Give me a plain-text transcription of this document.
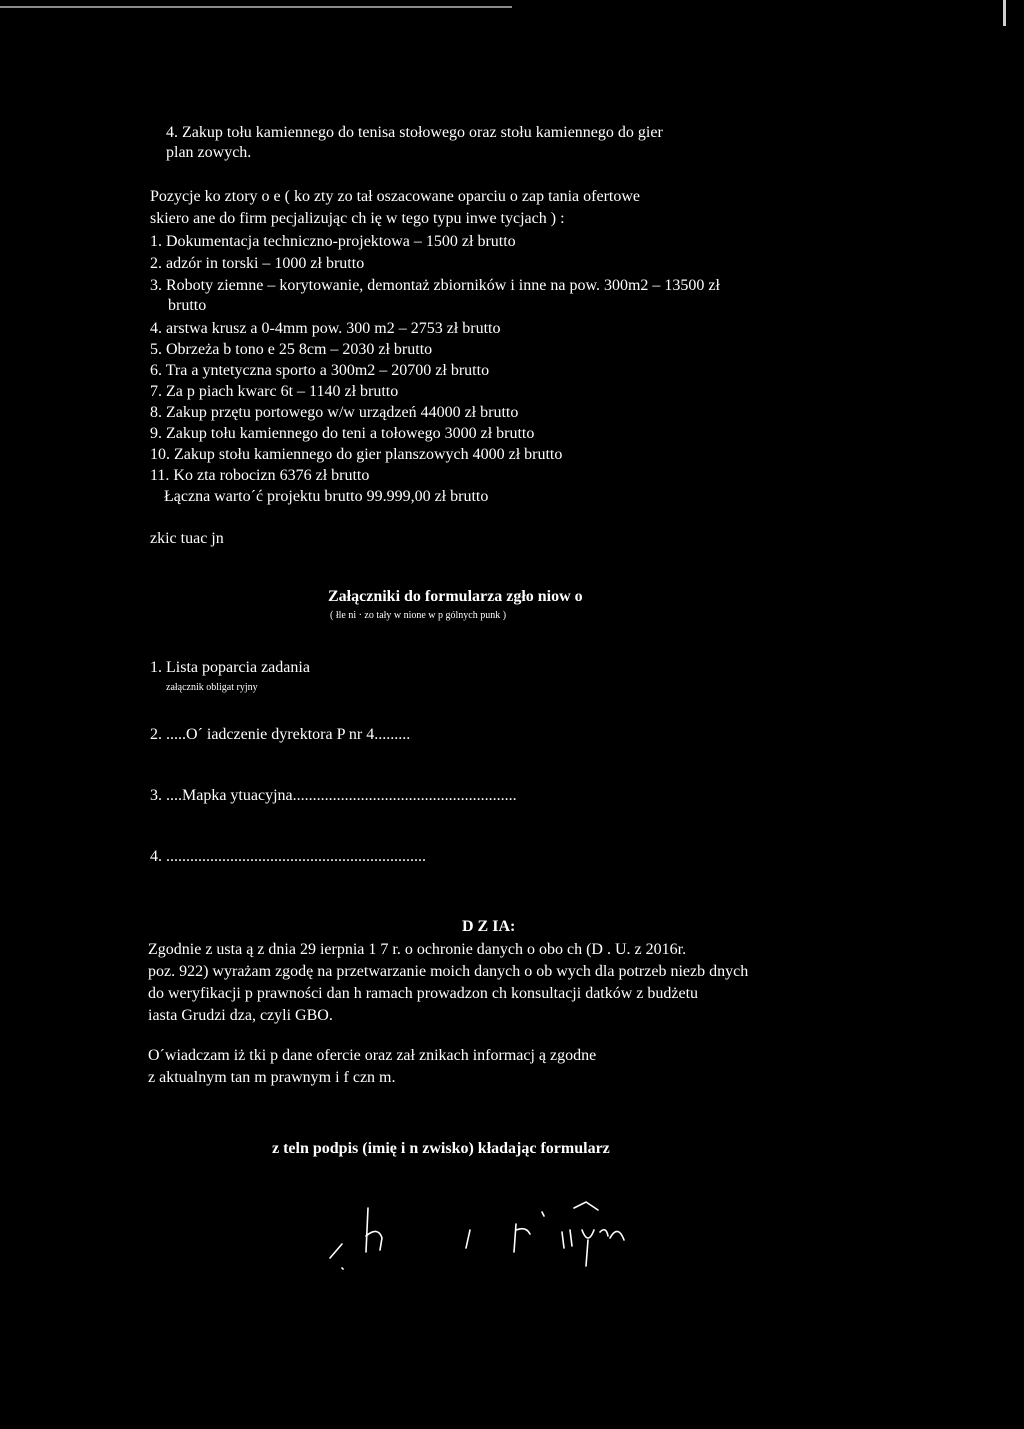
4. Zakup tołu kamiennego do tenisa stołowego oraz stołu kamiennego do gier
plan zowych.
Pozycje ko ztory o e ( ko zty zo tał oszacowane oparciu o zap tania ofertowe
skiero ane do firm pecjalizując ch ię w tego typu inwe tycjach ) :
1. Dokumentacja techniczno-projektowa – 1500 zł brutto
2. adzór in torski – 1000 zł brutto
3. Roboty ziemne – korytowanie, demontaż zbiorników i inne na pow. 300m2 – 13500 zł
brutto
4. arstwa krusz a 0-4mm pow. 300 m2 – 2753 zł brutto
5. Obrzeża b tono e 25 8cm – 2030 zł brutto
6. Tra a yntetyczna sporto a 300m2 – 20700 zł brutto
7. Za p piach kwarc 6t – 1140 zł brutto
8. Zakup przętu portowego w/w urządzeń 44000 zł brutto
9. Zakup tołu kamiennego do teni a tołowego 3000 zł brutto
10. Zakup stołu kamiennego do gier planszowych 4000 zł brutto
11. Ko zta robocizn 6376 zł brutto
Łączna warto´ć projektu brutto 99.999,00 zł brutto
zkic tuac jn
Załączniki do formularza zgło niow o
( łle ni · zo tały w nione w p gólnych punk )
1. Lista poparcia zadania
załącznik obligat ryjny
2. .....O´ iadczenie dyrektora P nr 4.........
3. ....Mapka ytuacyjna........................................................
4. .................................................................
D Z IA:
Zgodnie z usta ą z dnia 29 ierpnia 1 7 r. o ochronie danych o obo ch (D . U. z 2016r.
poz. 922) wyrażam zgodę na przetwarzanie moich danych o ob wych dla potrzeb niezb dnych
do weryfikacji p prawności dan h ramach prowadzon ch konsultacji datków z budżetu
iasta Grudzi dza, czyli GBO.
O´wiadczam iż tki p dane ofercie oraz zał znikach informacj ą zgodne
z aktualnym tan m prawnym i f czn m.
z teln podpis (imię i n zwisko) kładając formularz
